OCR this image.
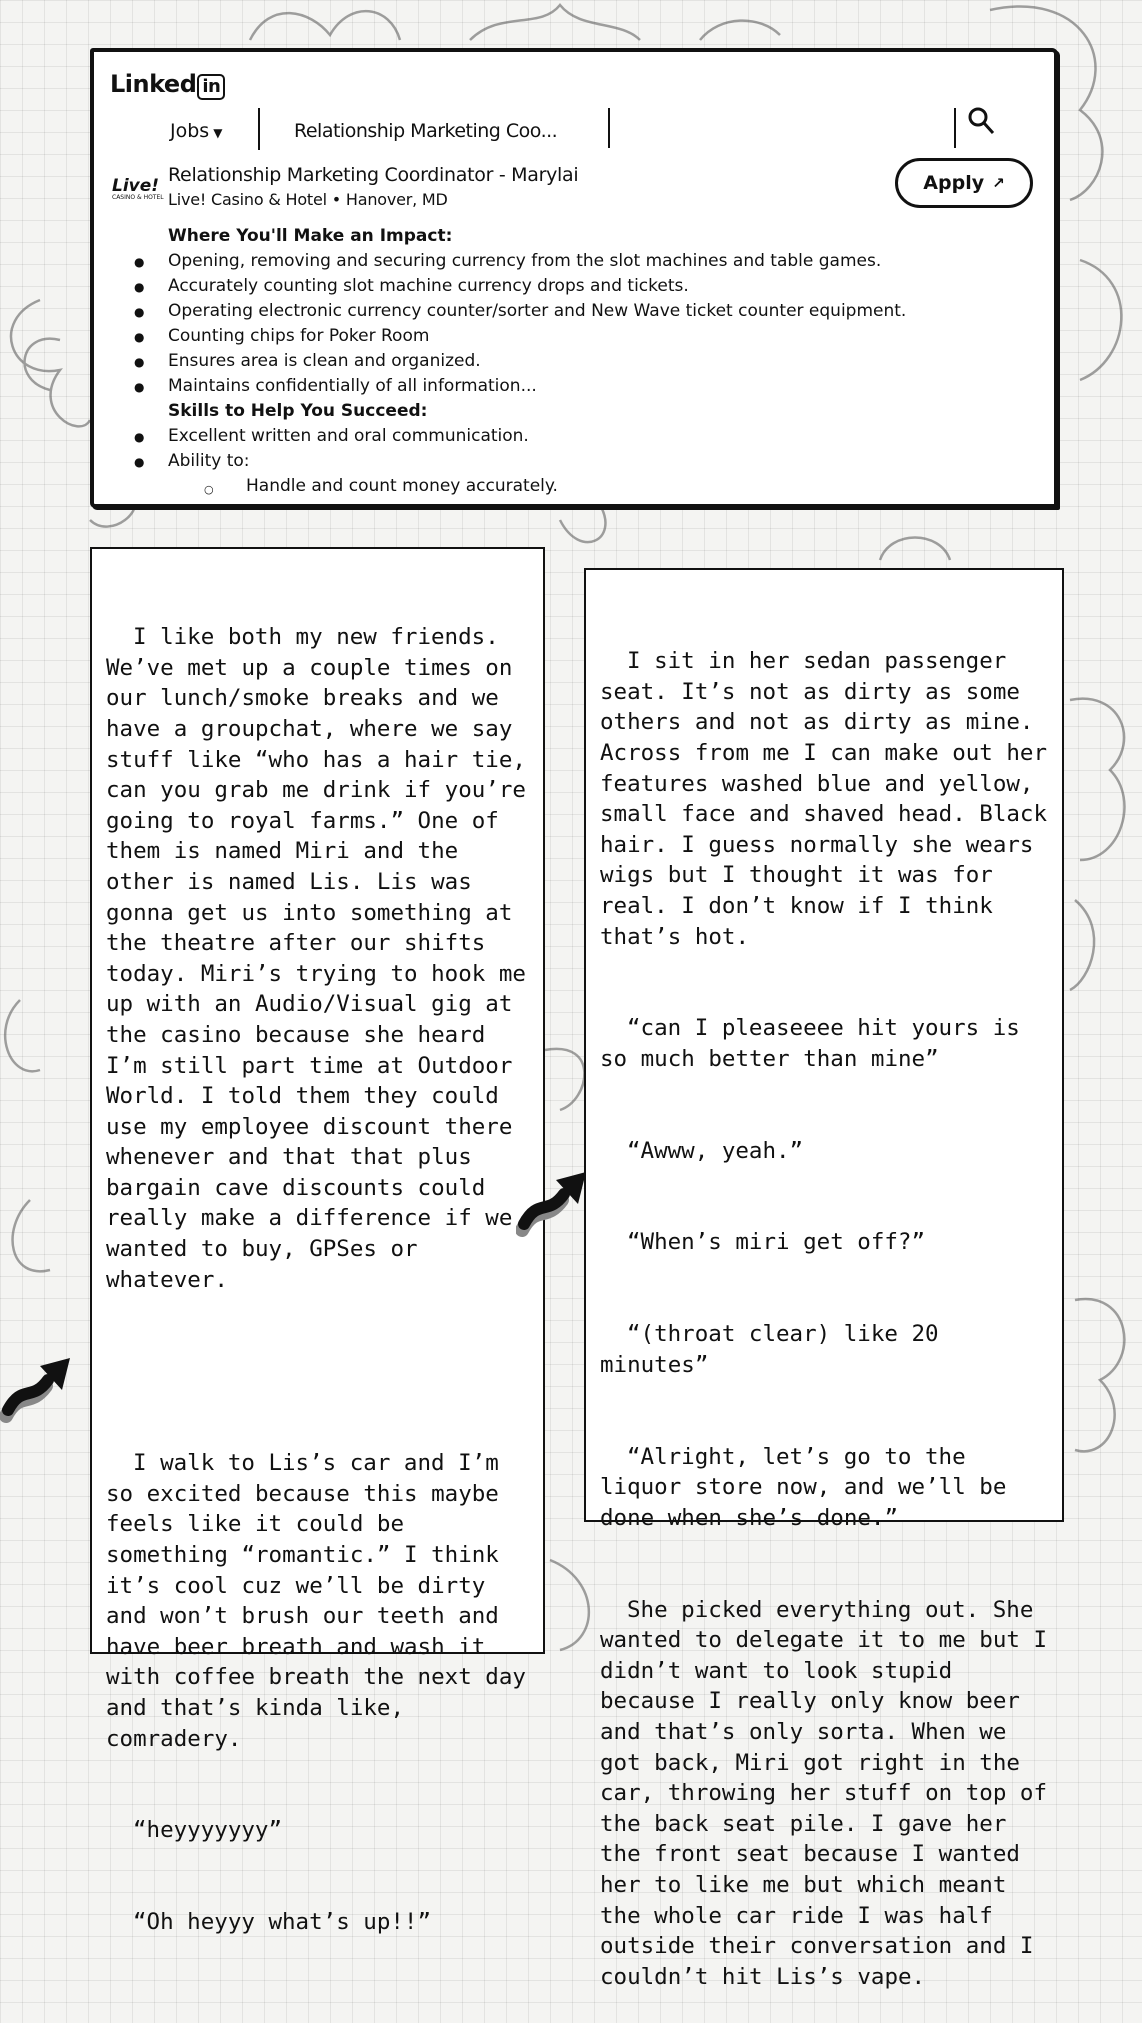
Linked in
Jobs ▼	Relationship Marketing Coo...
Live!
CASINO & HOTEL
Relationship Marketing Coordinator - Marylai
Live! Casino & Hotel • Hanover, MD
Apply ↗
Where You'll Make an Impact:
● Opening, removing and securing currency from the slot machines and table games.
● Accurately counting slot machine currency drops and tickets.
● Operating electronic currency counter/sorter and New Wave ticket counter equipment.
● Counting chips for Poker Room
● Ensures area is clean and organized.
● Maintains confidentially of all information...
Skills to Help You Succeed:
● Excellent written and oral communication.
● Ability to:
○ Handle and count money accurately.

I like both my new friends. We’ve met up a couple times on our lunch/smoke breaks and we have a groupchat, where we say stuff like “who has a hair tie, can you grab me drink if you’re going to royal farms.” One of them is named Miri and the other is named Lis. Lis was gonna get us into something at the theatre after our shifts today. Miri’s trying to hook me up with an Audio/Visual gig at the casino because she heard I’m still part time at Outdoor World. I told them they could use my employee discount there whenever and that that plus bargain cave discounts could really make a difference if we wanted to buy, GPSes or whatever.

I walk to Lis’s car and I’m so excited because this maybe feels like it could be something “romantic.” I think it’s cool cuz we’ll be dirty and won’t brush our teeth and have beer breath and wash it with coffee breath the next day and that’s kinda like, comradery.

“heyyyyyyy”

“Oh heyyy what’s up!!”

I sit in her sedan passenger seat. It’s not as dirty as some others and not as dirty as mine. Across from me I can make out her features washed blue and yellow, small face and shaved head. Black hair. I guess normally she wears wigs but I thought it was for real. I don’t know if I think that’s hot.

“can I pleaseeee hit yours is so much better than mine”

“Awww, yeah.”

“When’s miri get off?”

“(throat clear) like 20 minutes”

“Alright, let’s go to the liquor store now, and we’ll be done when she’s done.”

She picked everything out. She wanted to delegate it to me but I didn’t want to look stupid because I really only know beer and that’s only sorta. When we got back, Miri got right in the car, throwing her stuff on top of the back seat pile. I gave her the front seat because I wanted her to like me but which meant the whole car ride I was half outside their conversation and I couldn’t hit Lis’s vape.
